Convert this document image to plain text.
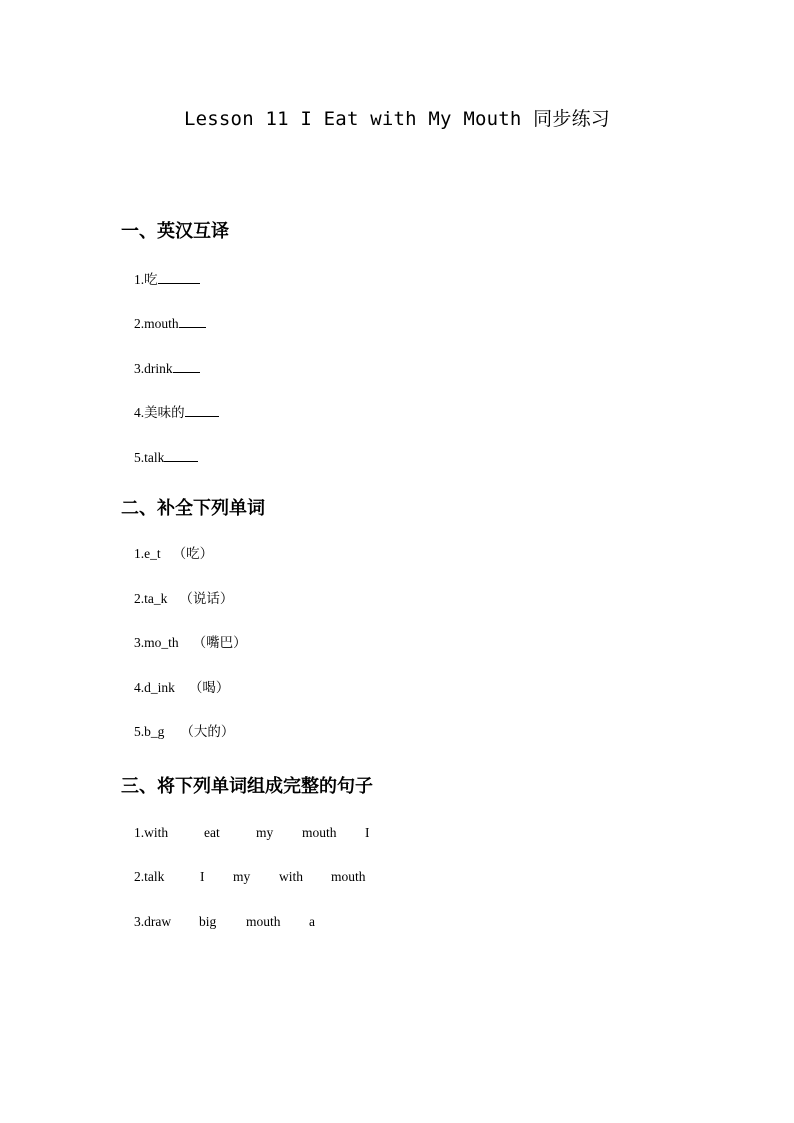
Lesson 11 I Eat with My Mouth 同步练习
一、英汉互译
1.吃
2.mouth
3.drink
4.美味的
5.talk
二、补全下列单词
1.e_t （吃）
2.ta_k （说话）
3.mo_th （嘴巴）
4.d_ink （喝）
5.b_g （大的）
三、将下列单词组成完整的句子
1.with	eat	my mouth I
2.talk	I my with mouth
3.draw big mouth a
